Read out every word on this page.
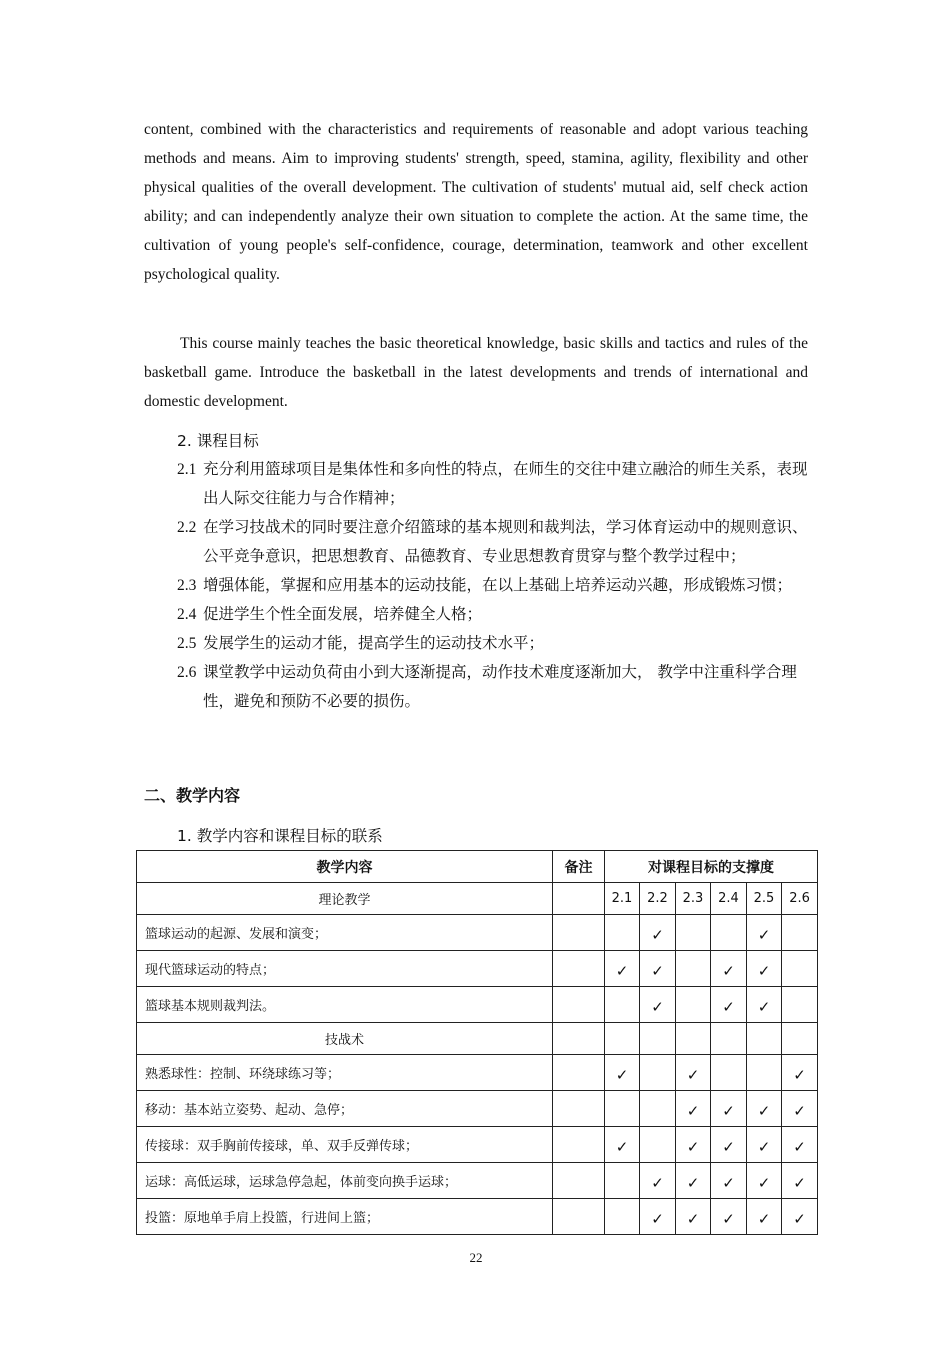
content, combined with the characteristics and requirements of reasonable and adopt various teaching methods and means. Aim to improving students' strength, speed, stamina, agility, flexibility and other physical qualities of the overall development. The cultivation of students' mutual aid, self check action ability; and can independently analyze their own situation to complete the action. At the same time, the cultivation of young people's self-confidence, courage, determination, teamwork and other excellent psychological quality.

This course mainly teaches the basic theoretical knowledge, basic skills and tactics and rules of the basketball game. Introduce the basketball in the latest developments and trends of international and domestic development.

2. 课程目标
2.1 充分利用篮球项目是集体性和多向性的特点，在师生的交往中建立融洽的师生关系，表现出人际交往能力与合作精神；
2.2 在学习技战术的同时要注意介绍篮球的基本规则和裁判法，学习体育运动中的规则意识、公平竞争意识，把思想教育、品德教育、专业思想教育贯穿与整个教学过程中；
2.3 增强体能，掌握和应用基本的运动技能，在以上基础上培养运动兴趣，形成锻炼习惯；
2.4 促进学生个性全面发展，培养健全人格；
2.5 发展学生的运动才能，提高学生的运动技术水平；
2.6 课堂教学中运动负荷由小到大逐渐提高，动作技术难度逐渐加大， 教学中注重科学合理性，避免和预防不必要的损伤。
二、教学内容
1. 教学内容和课程目标的联系
教学内容	备注	对课程目标的支撑度					
理论教学		2.1	2.2	2.3	2.4	2.5	2.6
篮球运动的起源、发展和演变；			✓			✓	
现代篮球运动的特点；		✓	✓		✓	✓	
篮球基本规则裁判法。			✓		✓	✓	
技战术							
熟悉球性：控制、环绕球练习等；		✓		✓			✓
移动：基本站立姿势、起动、急停；				✓	✓	✓	✓
传接球：双手胸前传接球，单、双手反弹传球；		✓		✓	✓	✓	✓
运球：高低运球，运球急停急起，体前变向换手运球；			✓	✓	✓	✓	✓
投篮：原地单手肩上投篮，行进间上篮；			✓	✓	✓	✓	✓
22
